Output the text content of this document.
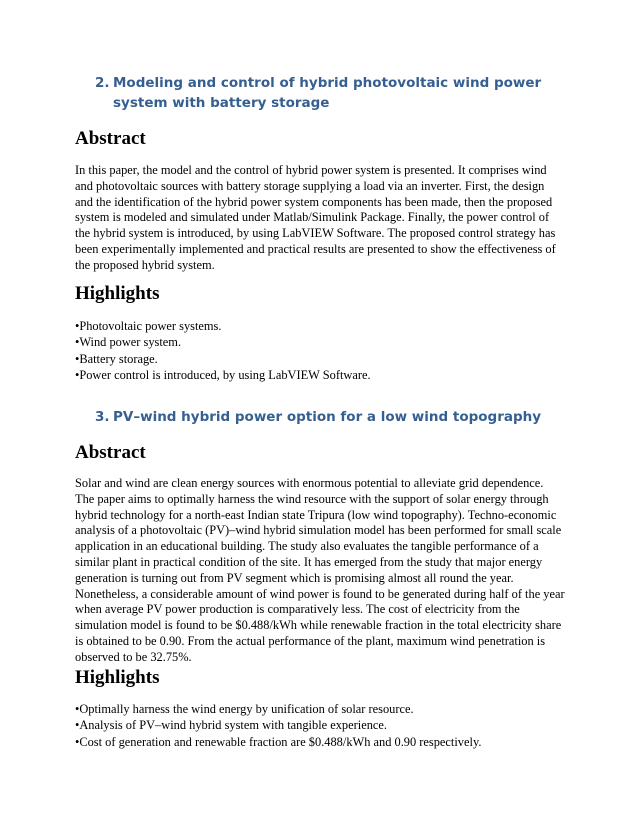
2. Modeling and control of hybrid photovoltaic wind power system with battery storage
Abstract
In this paper, the model and the control of hybrid power system is presented. It comprises wind and photovoltaic sources with battery storage supplying a load via an inverter. First, the design and the identification of the hybrid power system components has been made, then the proposed system is modeled and simulated under Matlab/Simulink Package. Finally, the power control of the hybrid system is introduced, by using LabVIEW Software. The proposed control strategy has been experimentally implemented and practical results are presented to show the effectiveness of the proposed hybrid system.
Highlights
•Photovoltaic power systems.
•Wind power system.
•Battery storage.
•Power control is introduced, by using LabVIEW Software.
3. PV–wind hybrid power option for a low wind topography
Abstract
Solar and wind are clean energy sources with enormous potential to alleviate grid dependence. The paper aims to optimally harness the wind resource with the support of solar energy through hybrid technology for a north-east Indian state Tripura (low wind topography). Techno-economic analysis of a photovoltaic (PV)–wind hybrid simulation model has been performed for small scale application in an educational building. The study also evaluates the tangible performance of a similar plant in practical condition of the site. It has emerged from the study that major energy generation is turning out from PV segment which is promising almost all round the year. Nonetheless, a considerable amount of wind power is found to be generated during half of the year when average PV power production is comparatively less. The cost of electricity from the simulation model is found to be $0.488/kWh while renewable fraction in the total electricity share is obtained to be 0.90. From the actual performance of the plant, maximum wind penetration is observed to be 32.75%.
Highlights
•Optimally harness the wind energy by unification of solar resource.
•Analysis of PV–wind hybrid system with tangible experience.
•Cost of generation and renewable fraction are $0.488/kWh and 0.90 respectively.
